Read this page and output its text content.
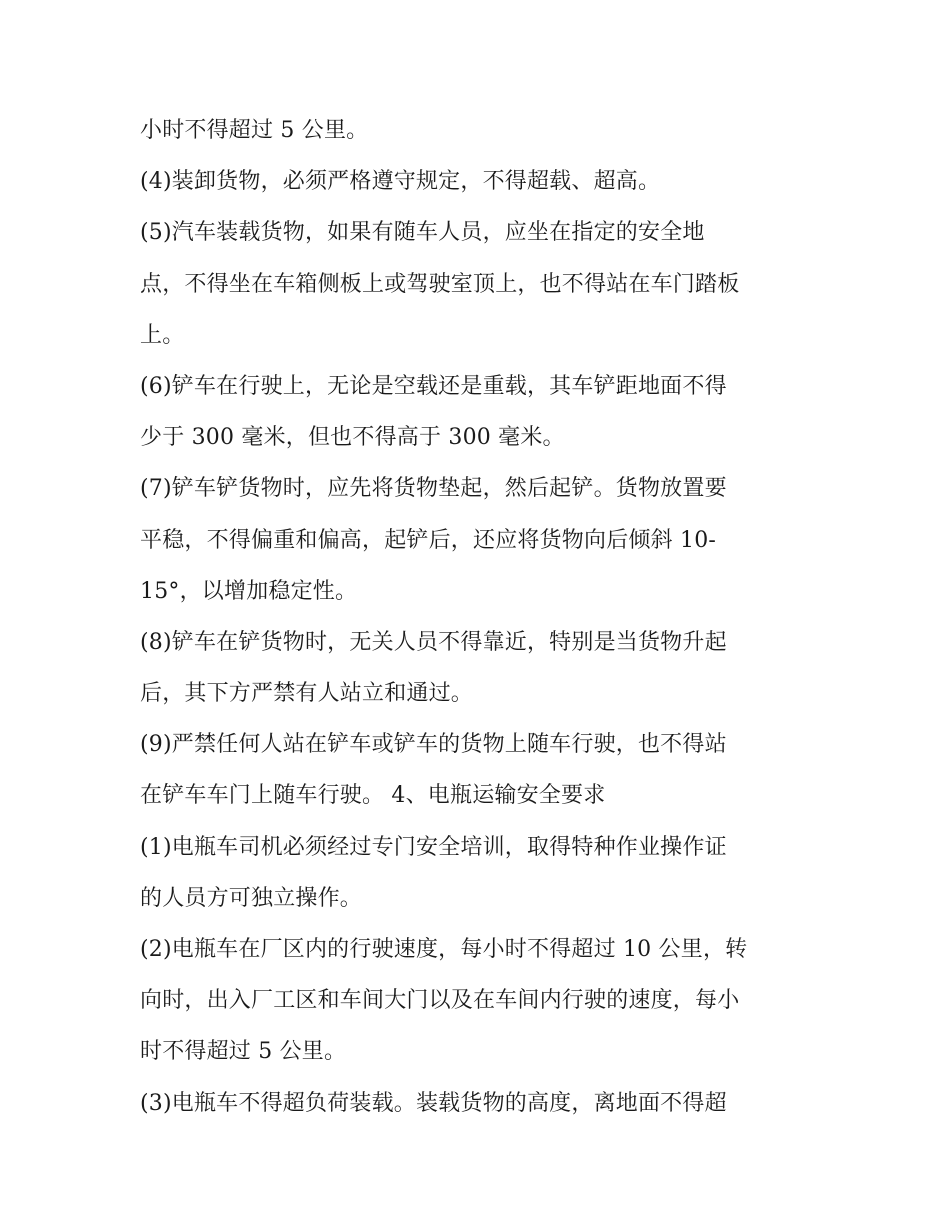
小时不得超过 5 公里。
(4)装卸货物，必须严格遵守规定，不得超载、超高。
(5)汽车装载货物，如果有随车人员，应坐在指定的安全地
点，不得坐在车箱侧板上或驾驶室顶上，也不得站在车门踏板
上。
(6)铲车在行驶上，无论是空载还是重载，其车铲距地面不得
少于 300 毫米，但也不得高于 300 毫米。
(7)铲车铲货物时，应先将货物垫起，然后起铲。货物放置要
平稳，不得偏重和偏高，起铲后，还应将货物向后倾斜 10-
15°，以增加稳定性。
(8)铲车在铲货物时，无关人员不得靠近，特别是当货物升起
后，其下方严禁有人站立和通过。
(9)严禁任何人站在铲车或铲车的货物上随车行驶，也不得站
在铲车车门上随车行驶。 4、电瓶运输安全要求
(1)电瓶车司机必须经过专门安全培训，取得特种作业操作证
的人员方可独立操作。
(2)电瓶车在厂区内的行驶速度，每小时不得超过 10 公里，转
向时，出入厂工区和车间大门以及在车间内行驶的速度，每小
时不得超过 5 公里。
(3)电瓶车不得超负荷装载。装载货物的高度，离地面不得超
